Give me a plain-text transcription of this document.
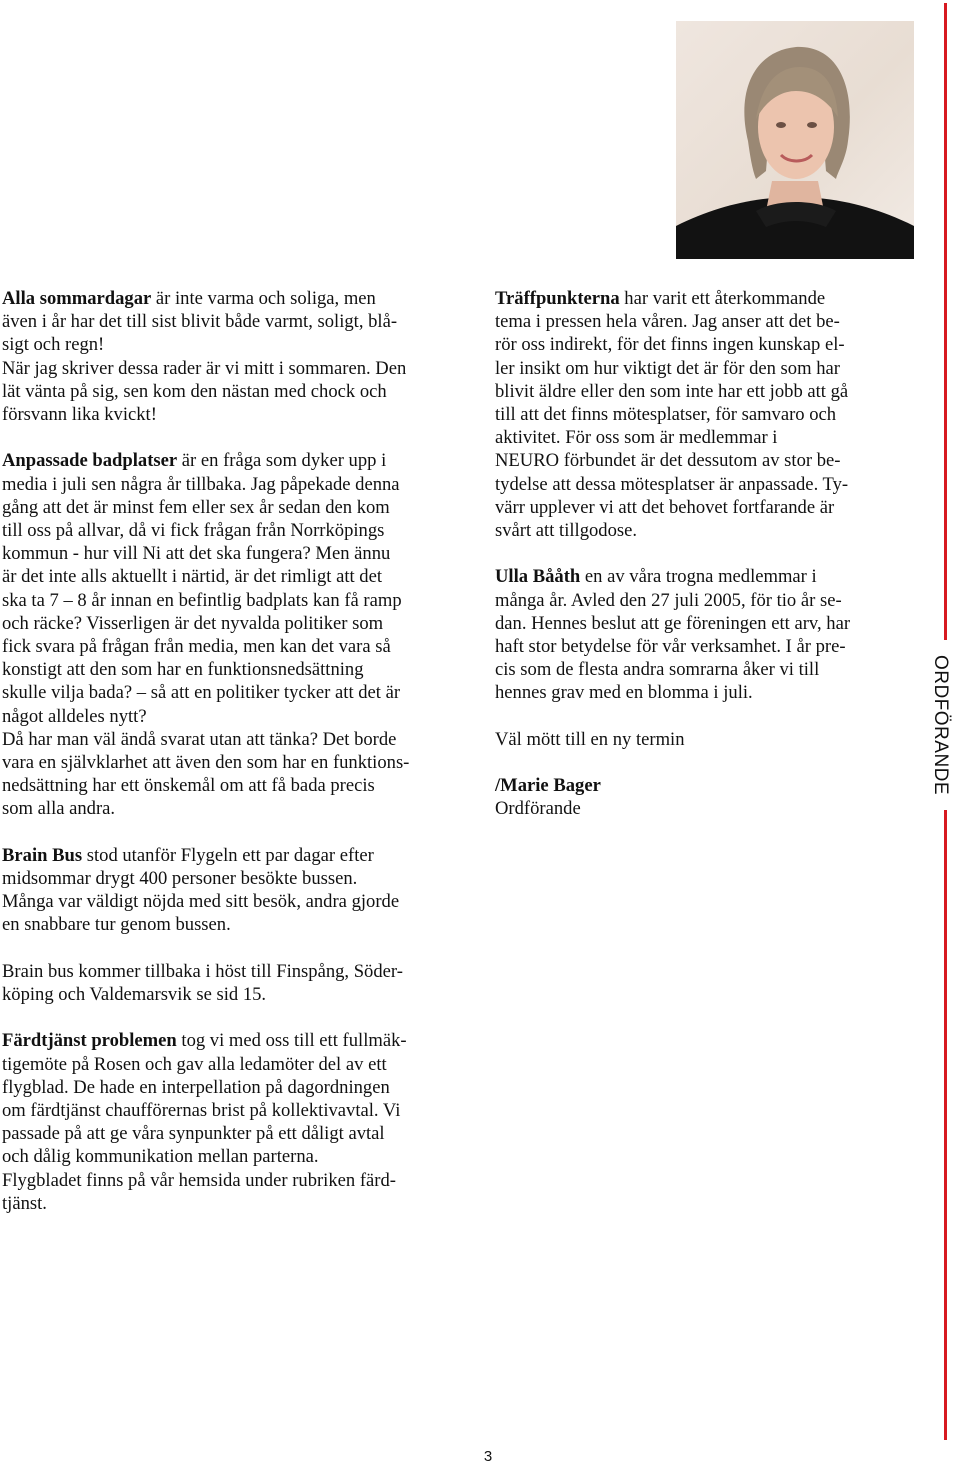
ORDFÖRANDE

Alla sommardagar är inte varma och soliga, men
även i år har det till sist blivit både varmt, soligt, blå-
sigt och regn!
När jag skriver dessa rader är vi mitt i sommaren. Den
lät vänta på sig, sen kom den nästan med chock och
försvann lika kvickt!

Anpassade badplatser är en fråga som dyker upp i
media i juli sen några år tillbaka. Jag påpekade denna
gång att det är minst fem eller sex år sedan den kom
till oss på allvar, då vi fick frågan från Norrköpings
kommun - hur vill Ni att det ska fungera? Men ännu
är det inte alls aktuellt i närtid, är det rimligt att det
ska ta 7 – 8 år innan en befintlig badplats kan få ramp
och räcke? Visserligen är det nyvalda politiker som
fick svara på frågan från media, men kan det vara så
konstigt att den som har en funktionsnedsättning
skulle vilja bada? – så att en politiker tycker att det är
något alldeles nytt?
Då har man väl ändå svarat utan att tänka? Det borde
vara en självklarhet att även den som har en funktions-
nedsättning har ett önskemål om att få bada precis
som alla andra.

Brain Bus stod utanför Flygeln ett par dagar efter
midsommar drygt 400 personer besökte bussen.
Många var väldigt nöjda med sitt besök, andra gjorde
en snabbare tur genom bussen.

Brain bus kommer tillbaka i höst till Finspång, Söder-
köping och Valdemarsvik se sid 15.

Färdtjänst problemen tog vi med oss till ett fullmäk-
tigemöte på Rosen och gav alla ledamöter del av ett
flygblad. De hade en interpellation på dagordningen
om färdtjänst chaufförernas brist på kollektivavtal. Vi
passade på att ge våra synpunkter på ett dåligt avtal
och dålig kommunikation mellan parterna.
Flygbladet finns på vår hemsida under rubriken färd-
tjänst.

Träffpunkterna har varit ett återkommande
tema i pressen hela våren. Jag anser att det be-
rör oss indirekt, för det finns ingen kunskap el-
ler insikt om hur viktigt det är för den som har
blivit äldre eller den som inte har ett jobb att gå
till att det finns mötesplatser, för samvaro och
aktivitet. För oss som är medlemmar i
NEURO förbundet är det dessutom av stor be-
tydelse att dessa mötesplatser är anpassade. Ty-
värr upplever vi att det behovet fortfarande är
svårt att tillgodose.

Ulla Bååth en av våra trogna medlemmar i
många år. Avled den 27 juli 2005, för tio år se-
dan. Hennes beslut att ge föreningen ett arv, har
haft stor betydelse för vår verksamhet. I år pre-
cis som de flesta andra somrarna åker vi till
hennes grav med en blomma i juli.

Väl mött till en ny termin

/Marie Bager
Ordförande

3
